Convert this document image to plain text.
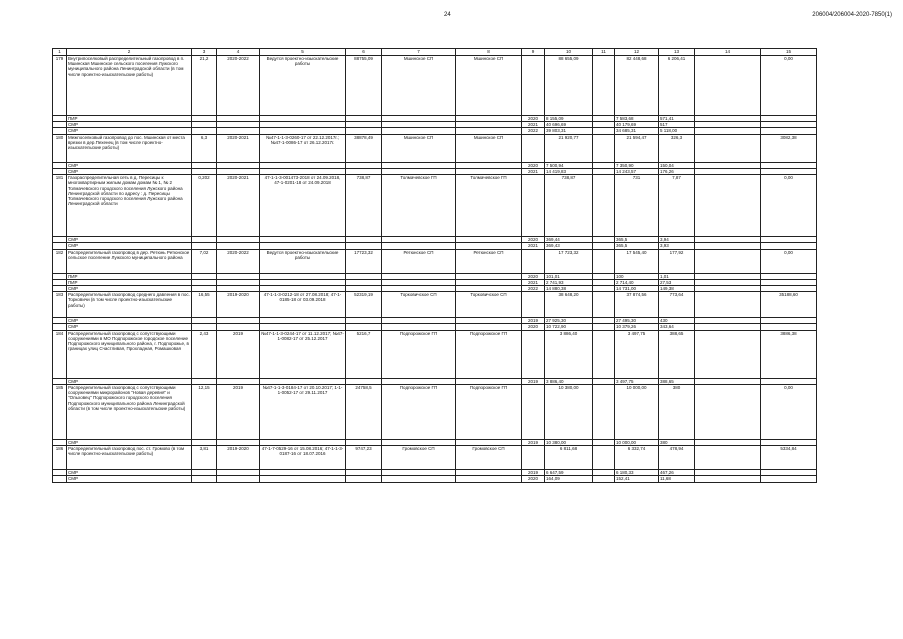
24	206004/206004-2020-7850(1)
1	2	3	4	5	6	7	8	9	10	11	12	13	14	15
179	Внутрипоселковый распределительный газопровод в п. Мшинская Мшинское сельского поселения Лужского муниципального района Ленинградской области (в том числе проектно-изыскательские работы)	21,2	2020-2022	Ведутся проектно-изыскательские работы	88755,09	Мшинское СП	Мшинское СП		88 655,09		82 448,68	6 206,41		0,00
	ПИР							2020	8 155,09		7 583,68	571,41		
	СМР							2021	40 696,69		40 179,69	517		
	СМР							2022	39 803,31		34 685,31	5 118,00		
180	Межпоселковый газопровод до пос. Мшинская от места врезки в дер.Пехенец (в том числе проектно-изыскательские работы)	6,3	2020-2021	№47-1-1-3-0260-17 от 22.12.2017г.; №47-1-0086-17 от 26.12.2017г.	38878,49	Мшинское СП	Мшинское СП		21 920,77		21 594,47	326,3		3082,38
	СМР							2020	7 500,94		7 350,90	150,04		
	СМР							2021	14 419,83		14 243,57	176,26		
181	Газораспределительная сеть в д. Пересицы к многоквартирным жилым домам домам № 1, № 2 Толмачевского городского поселения Лужского района Ленинградской области по адресу : д. Пересицы Толмачевского городского поселения Лужского района Ленинградской области	0,202	2020-2021	47-1-1-3-001473-2018 от 24.09.2018, 47-1-0201-18 от 24.09.2018	738,87	Толмачевское ГП	Толмачевское ГП		738,87		731	7,87		0,00
	СМР							2020	369,44		365,5	3,94		
	СМР							2021	369,43		365,5	3,93		
182	Распределительный газопровод в дер. Ретюнь Ретюнское сельское поселение Лужского муниципального района	7,02	2020-2022	Ведутся проектно-изыскательские работы	17723,32	Ретюнское СП	Ретюнское СП		17 723,32		17 545,40	177,92		0,00
	ПИР							2020	101,01		100	1,01		
	ПИР							2021	2 741,93		2 714,40	27,53		
	СМР							2022	14 880,38		14 731,00	149,38		
183	Распределительный газопровод среднего давления в пос. Торковичи (в том числе проектно-изыскательские работы)	16,55	2019-2020	47-1-1-3-0212-18 от 27.08.2018; 47-1-0185-18 от 03.09.2018	52319,19	Торковичское СП	Торковичское СП		38 648,20		37 874,56	773,64		35188,60
	СМР							2019	27 925,30		27 495,30	430		
	СМР							2020	10 722,90		10 379,26	343,64		
184	Распределительный газопровод с сопутствующими сооружениями в МО Подпорожское городское поселение Подпорожского муниципального района, г. Подпорожье, в границах улиц Счастливая, Прохладная, Ромашковая	2,43	2019	№47-1-1-3-0244-17 от 11.12.2017; №47-1-0082-17 от 25.12.2017	5216,7	Подпорожское ГП	Подпорожское ГП		3 886,40		3 497,75	388,65		3886,38
	СМР							2019	3 886,40		3 497,75	388,65		
185	Распределительный газопровод с сопутствующими сооружениями микрорайонов "Новая деревня" и "Ольховец" Подпорожского городского поселения Подпорожского муниципального района Ленинградской области (в том числе проектно-изыскательские работы)	12,15	2019	№47-1-1-3-0184-17 от 20.10.2017; 1-1-1-0052-17 от 29.11.2017	24758,5	Подпорожское ГП	Подпорожское ГП		10 380,00		10 000,00	380		0,00
	СМР							2019	10 380,00		10 000,00	380		
186	Распределительный газопровод пос. ст. Громово (в том числе проектно-изыскательские работы)	3,81	2019-2020	47-1-7-0529-16 от 15.08.2016; 47-1-1-3-0187-16 от 18.07.2016	9747,23	Громовское СП	Громовское СП		6 811,68		6 332,74	478,94		5334,84
	СМР							2019	6 647,59		6 180,33	467,26		
	СМР							2020	164,09		152,41	11,68		
